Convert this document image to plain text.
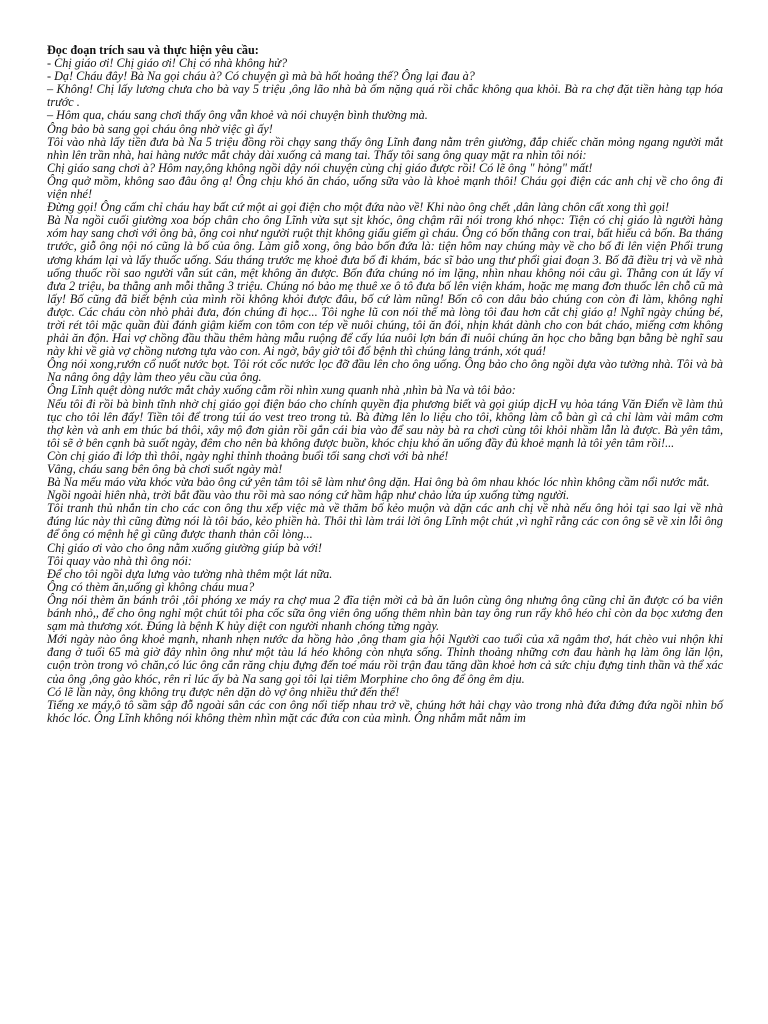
Đọc đoạn trích sau và thực hiện yêu cầu:

- Chị giáo ơi! Chị giáo ơi! Chị có nhà không hử?

- Dạ! Cháu đây! Bà Na gọi cháu à? Có chuyện gì mà bà hốt hoảng thế? Ông lại đau à?

– Không! Chị lấy lương chưa cho bà vay 5 triệu ,ông lão nhà bà ốm nặng quá rồi chắc không qua khỏi. Bà ra chợ đặt tiền hàng tạp hóa trước .

– Hôm qua, cháu sang chơi thấy ông vẫn khoẻ và nói chuyện bình thường mà.

Ông bảo bà sang gọi cháu ông nhờ việc gì ấy!

Tôi vào nhà lấy tiền đưa bà Na 5 triệu đồng rồi chạy sang thấy ông Lĩnh đang nằm trên giường, đắp chiếc chăn mỏng ngang người mắt nhìn lên trần nhà, hai hàng nước mắt chảy dài xuống cả mang tai. Thấy tôi sang ông quay mặt ra nhìn tôi nói:

Chị giáo sang chơi à? Hôm nay,ông không ngồi dậy nói chuyện cùng chị giáo được rồi! Có lẽ ông " hỏng" mất!

Ông quở mồm, không sao đâu ông ạ! Ông chịu khó ăn cháo, uống sữa vào là khoẻ mạnh thôi! Cháu gọi điện các anh chị về cho ông đi viện nhé!

Đừng gọi! Ông cấm chỉ cháu hay bất cứ một ai gọi điện cho một đứa nào về! Khi nào ông chết ,dân làng chôn cất xong thì gọi!

Bà Na ngồi cuối giường xoa bóp chân cho ông Lĩnh vừa sụt sịt khóc, ông chậm rãi nói trong khó nhọc: Tiện có chị giáo là người hàng xóm hay sang chơi với ông bà, ông coi như người ruột thịt không giấu giếm gì cháu. Ông có bốn thằng con trai, bất hiếu cả bốn. Ba tháng trước, giỗ ông nội nó cũng là bố của ông. Làm giỗ xong, ông bảo bốn đứa là: tiện hôm nay chúng mày về cho bố đi lên viện Phổi trung ương khám lại và lấy thuốc uống. Sáu tháng trước mẹ khoẻ đưa bố đi khám, bác sĩ bảo ung thư phổi giai đoạn 3. Bố đã điều trị và về nhà uống thuốc rồi sao người vẫn sút cân, mệt không ăn được. Bốn đứa chúng nó im lặng, nhìn nhau không nói câu gì. Thằng con út lấy ví đưa 2 triệu, ba thằng anh mỗi thằng 3 triệu. Chúng nó bảo mẹ thuê xe ô tô đưa bố lên viện khám, hoặc mẹ mang đơn thuốc lên chỗ cũ mà lấy! Bố cũng đã biết bệnh của mình rồi không khỏi được đâu, bố cứ làm nũng! Bốn cô con dâu bảo chúng con còn đi làm, không nghỉ được. Các cháu còn nhỏ phải đưa, đón chúng đi học... Tôi nghe lũ con nói thế mà lòng tôi đau hơn cắt chị giáo ạ! Nghĩ ngày chúng bé, trời rét tôi mặc quần đùi đánh giậm kiếm con tôm con tép về nuôi chúng, tôi ăn đói, nhịn khát dành cho con bát cháo, miếng cơm không phải ăn độn. Hai vợ chồng đầu thầu thêm hàng mẫu ruộng để cấy lúa nuôi lợn bán đi nuôi chúng ăn học cho bằng bạn bằng bè nghĩ sau này khi về già vợ chồng nương tựa vào con. Ai ngờ, bây giờ tôi đổ bệnh thì chúng lảng tránh, xót quá!

Ông nói xong,rướn cổ nuốt nước bọt. Tôi rót cốc nước lọc đỡ đầu lên cho ông uống. Ông bảo cho ông ngồi dựa vào tường nhà. Tôi và bà Na nâng ông dậy làm theo yêu cầu của ông.

Ông Lĩnh quệt dòng nước mắt chảy xuống cằm rồi nhìn xung quanh nhà ,nhìn bà Na và tôi bảo:

Nếu tôi đi rồi bà bình tĩnh nhờ chị giáo gọi điện báo cho chính quyền địa phương biết và gọi giúp dịcH vụ hỏa táng Văn Điển về làm thủ tục cho tôi lên đấy! Tiền tôi để trong túi áo vest treo trong tủ. Bà đừng lên lo liệu cho tôi, không làm cỗ bàn gì cả chỉ làm vài mâm cơm thợ kèn và anh em thúc bá thôi, xây mộ đơn giản rồi gắn cái bia vào để sau này bà ra chơi cùng tôi khỏi nhầm lẫn là được. Bà yên tâm, tôi sẽ ở bên cạnh bà suốt ngày, đêm cho nên bà không được buồn, khóc chịu khó ăn uống đầy đủ khoẻ mạnh là tôi yên tâm rồi!...

Còn chị giáo đi lớp thì thôi, ngày nghỉ thỉnh thoảng buổi tối sang chơi với bà nhé!

Vâng, cháu sang bên ông bà chơi suốt ngày mà!

Bà Na mếu máo vừa khóc vừa bảo ông cứ yên tâm tôi sẽ làm như ông dặn. Hai ông bà ôm nhau khóc lóc nhìn không cầm nổi nước mắt.

Ngồi ngoài hiên nhà, trời bắt đầu vào thu rồi mà sao nóng cứ hầm hập như chảo lửa úp xuống từng người.

Tôi tranh thủ nhắn tin cho các con ông thu xếp việc mà về thăm bố kẻo muộn và dặn các anh chị về nhà nếu ông hỏi tại sao lại về nhà đúng lúc này thì cũng đừng nói là tôi báo, kẻo phiền hà. Thôi thì làm trái lời ông Lĩnh một chút ,vì nghĩ rằng các con ông sẽ về xin lỗi ông để ông có mệnh hệ gì cũng được thanh thản cõi lòng...

Chị giáo ơi vào cho ông nằm xuống giường giúp bà với!

Tôi quay vào nhà thì ông nói:

Để cho tôi ngồi dựa lưng vào tường nhà thêm một lát nữa.

Ông có thèm ăn,uống gì không cháu mua?

Ông nói thèm ăn bánh trôi ,tôi phóng xe máy ra chợ mua 2 đĩa tiện mời cả bà ăn luôn cùng ông nhưng ông cũng chỉ ăn được có ba viên bánh nhỏ,, để cho ông nghỉ một chút tôi pha cốc sữa ông viên ông uống thêm nhìn bàn tay ông run rẩy khô héo chỉ còn da bọc xương đen sạm mà thương xót. Đúng là bệnh K hủy diệt con người nhanh chóng từng ngày.

Mới ngày nào ông khoẻ mạnh, nhanh nhẹn nước da hồng hào ,ông tham gia hội Người cao tuổi của xã ngâm thơ, hát chèo vui nhộn khi đang ở tuổi 65 mà giờ đây nhìn ông như một tàu lá héo không còn nhựa sống. Thỉnh thoảng những cơn đau hành hạ làm ông lăn lộn, cuộn tròn trong vỏ chăn,có lúc ông cắn răng chịu đựng đến toé máu rồi trận đau tăng dần khoẻ hơn cả sức chịu đựng tinh thần và thể xác của ông ,ông gào khóc, rên rỉ lúc ấy bà Na sang gọi tôi lại tiêm Morphine cho ông để ông êm dịu.

Có lẽ lần này, ông không trụ được nên dặn dò vợ ông nhiều thứ đến thế!

Tiếng xe máy,ô tô sầm sập đỗ ngoài sân các con ông nối tiếp nhau trở về, chúng hớt hải chạy vào trong nhà đứa đứng đứa ngồi nhìn bố khóc lóc. Ông Lĩnh không nói không thèm nhìn mặt các đứa con của mình. Ông nhắm mắt nằm im
